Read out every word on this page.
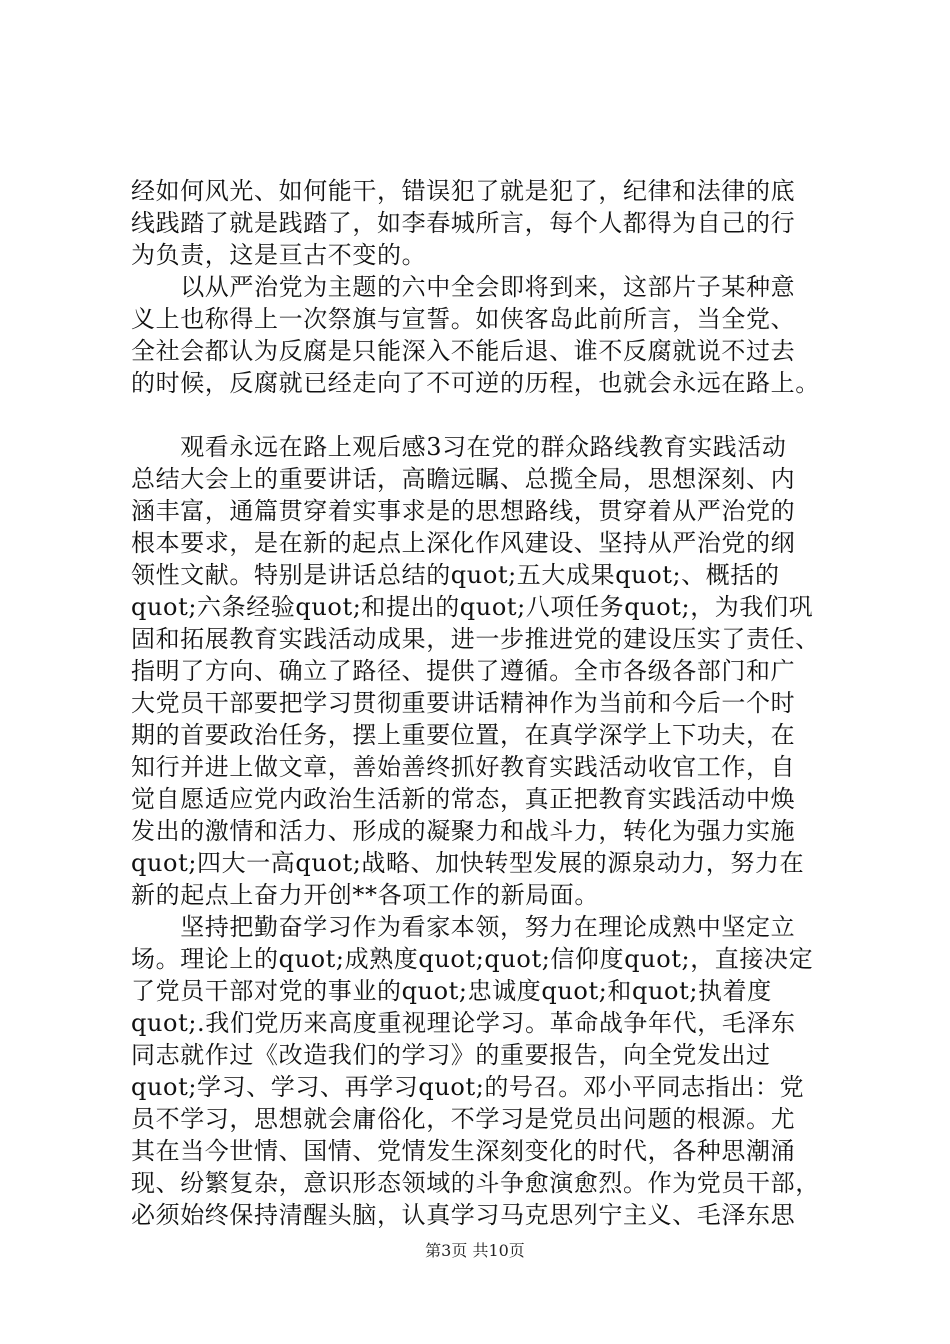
经如何风光、如何能干，错误犯了就是犯了，纪律和法律的底
线践踏了就是践踏了，如李春城所言，每个人都得为自己的行
为负责，这是亘古不变的。
　　以从严治党为主题的六中全会即将到来，这部片子某种意
义上也称得上一次祭旗与宣誓。如侠客岛此前所言，当全党、
全社会都认为反腐是只能深入不能后退、谁不反腐就说不过去
的时候，反腐就已经走向了不可逆的历程，也就会永远在路上。
　　观看永远在路上观后感3习在党的群众路线教育实践活动
总结大会上的重要讲话，高瞻远瞩、总揽全局，思想深刻、内
涵丰富，通篇贯穿着实事求是的思想路线，贯穿着从严治党的
根本要求，是在新的起点上深化作风建设、坚持从严治党的纲
领性文献。特别是讲话总结的quot;五大成果quot;、概括的
quot;六条经验quot;和提出的quot;八项任务quot;，为我们巩
固和拓展教育实践活动成果，进一步推进党的建设压实了责任、
指明了方向、确立了路径、提供了遵循。全市各级各部门和广
大党员干部要把学习贯彻重要讲话精神作为当前和今后一个时
期的首要政治任务，摆上重要位置，在真学深学上下功夫，在
知行并进上做文章，善始善终抓好教育实践活动收官工作，自
觉自愿适应党内政治生活新的常态，真正把教育实践活动中焕
发出的激情和活力、形成的凝聚力和战斗力，转化为强力实施
quot;四大一高quot;战略、加快转型发展的源泉动力，努力在
新的起点上奋力开创**各项工作的新局面。
　　坚持把勤奋学习作为看家本领，努力在理论成熟中坚定立
场。理论上的quot;成熟度quot;quot;信仰度quot;，直接决定
了党员干部对党的事业的quot;忠诚度quot;和quot;执着度
quot;.我们党历来高度重视理论学习。革命战争年代，毛泽东
同志就作过《改造我们的学习》的重要报告，向全党发出过
quot;学习、学习、再学习quot;的号召。邓小平同志指出：党
员不学习，思想就会庸俗化，不学习是党员出问题的根源。尤
其在当今世情、国情、党情发生深刻变化的时代，各种思潮涌
现、纷繁复杂，意识形态领域的斗争愈演愈烈。作为党员干部，
必须始终保持清醒头脑，认真学习马克思列宁主义、毛泽东思
第3页 共10页
